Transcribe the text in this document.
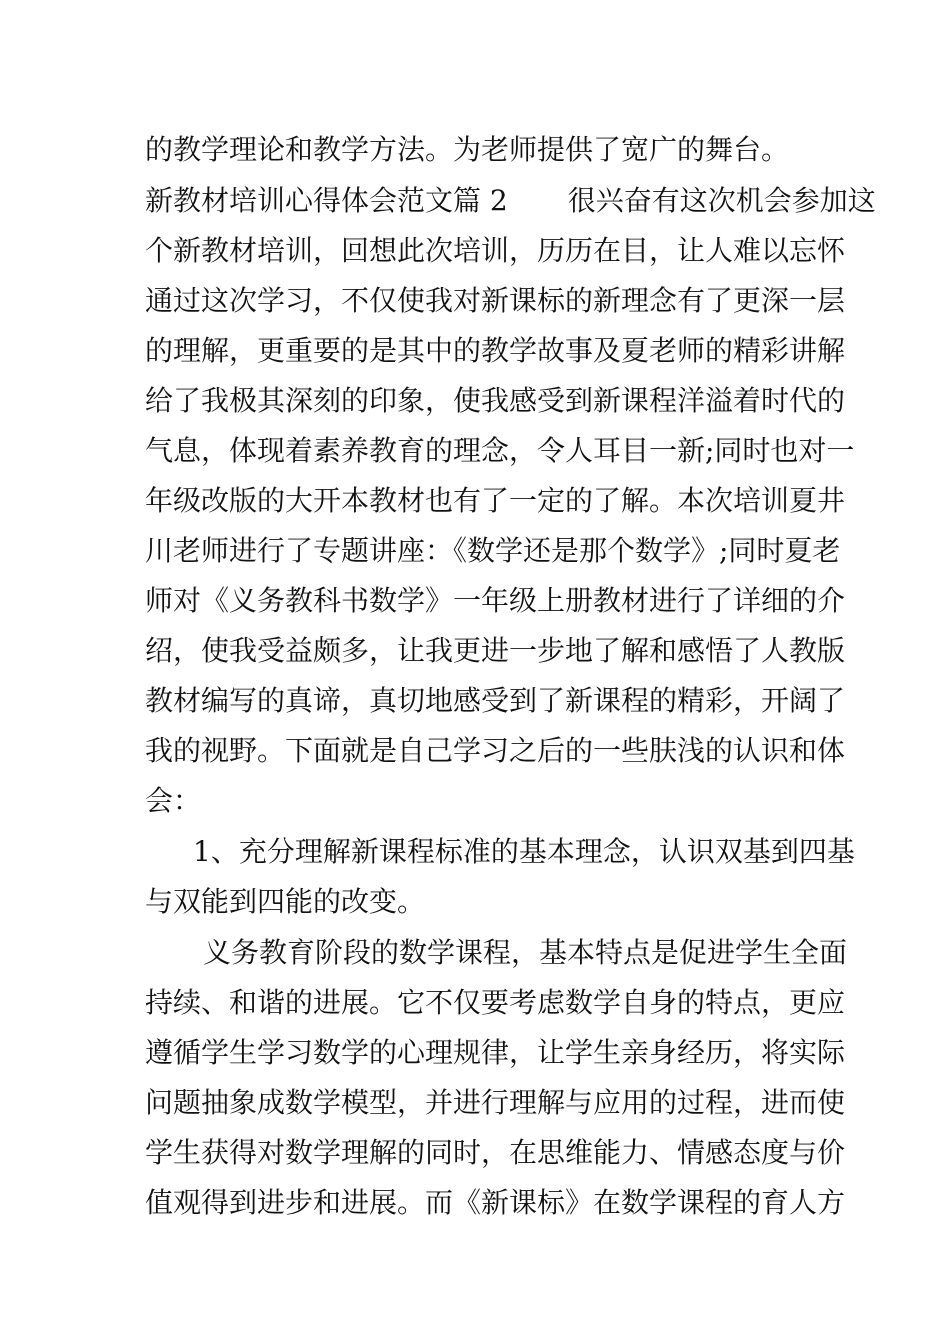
的教学理论和教学方法。为老师提供了宽广的舞台。
新教材培训心得体会范文篇 2 很兴奋有这次机会参加这
个新教材培训，回想此次培训，历历在目，让人难以忘怀
通过这次学习，不仅使我对新课标的新理念有了更深一层
的理解，更重要的是其中的教学故事及夏老师的精彩讲解
给了我极其深刻的印象，使我感受到新课程洋溢着时代的
气息，体现着素养教育的理念，令人耳目一新;同时也对一
年级改版的大开本教材也有了一定的了解。本次培训夏井
川老师进行了专题讲座：《数学还是那个数学》;同时夏老
师对《义务教科书数学》一年级上册教材进行了详细的介
绍，使我受益颇多，让我更进一步地了解和感悟了人教版
教材编写的真谛，真切地感受到了新课程的精彩，开阔了
我的视野。下面就是自己学习之后的一些肤浅的认识和体
会：
1、充分理解新课程标准的基本理念，认识双基到四基
与双能到四能的改变。
义务教育阶段的数学课程，基本特点是促进学生全面
持续、和谐的进展。它不仅要考虑数学自身的特点，更应
遵循学生学习数学的心理规律，让学生亲身经历，将实际
问题抽象成数学模型，并进行理解与应用的过程，进而使
学生获得对数学理解的同时，在思维能力、情感态度与价
值观得到进步和进展。而《新课标》在数学课程的育人方
